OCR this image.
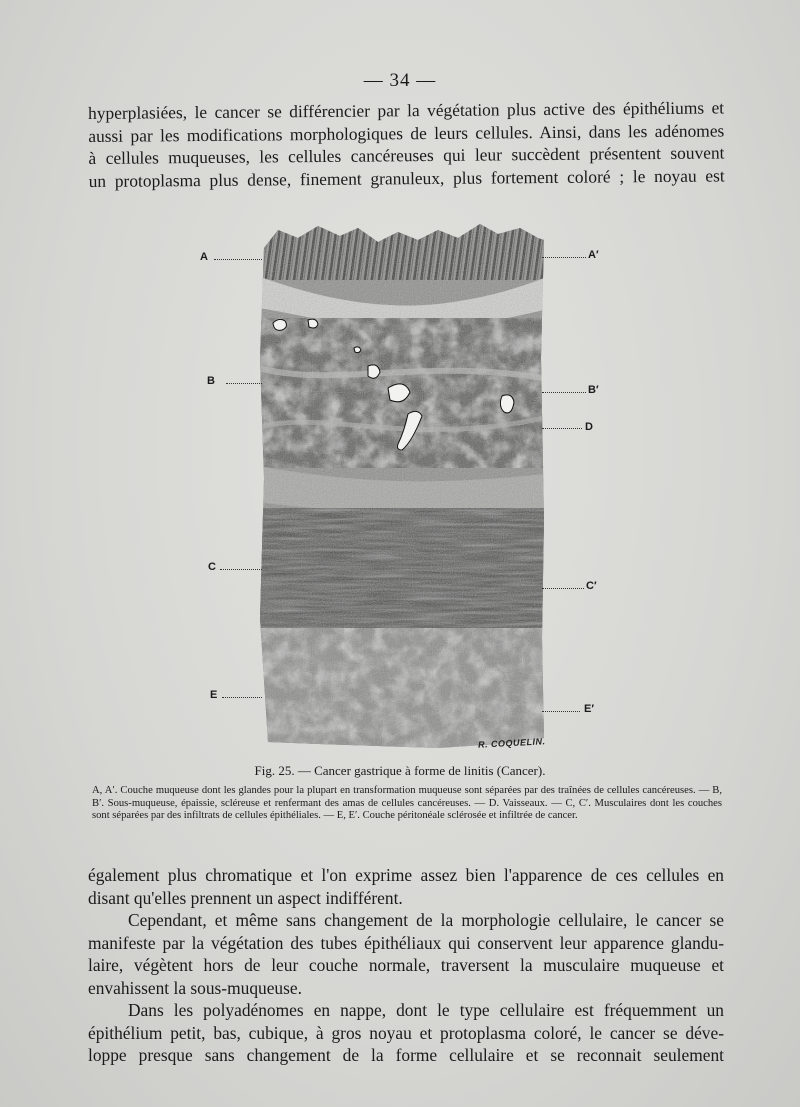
— 34 —
hyperplasiées, le cancer se différencier par la végétation plus active des épithéliums et
aussi par les modifications morphologiques de leurs cellules. Ainsi, dans les adénomes
à cellules muqueuses, les cellules cancéreuses qui leur succèdent présentent souvent
un protoplasma plus dense, finement granuleux, plus fortement coloré ; le noyau est
A	A′
B
B′
D
C
C′
E
E′
R. COQUELIN.
Fig. 25. — Cancer gastrique à forme de linitis (Cancer).
A, A′. Couche muqueuse dont les glandes pour la plupart en transformation muqueuse sont séparées par des traînées de cellules cancéreuses. — B, B′. Sous-muqueuse, épaissie, scléreuse et renfermant des amas de cellules cancéreuses. — D. Vaisseaux. — C, C′. Musculaires dont les couches sont séparées par des infiltrats de cellules épithéliales. — E, E′. Couche péritonéale sclérosée et infiltrée de cancer.
également plus chromatique et l'on exprime assez bien l'apparence de ces cellules en
disant qu'elles prennent un aspect indifférent.
Cependant, et même sans changement de la morphologie cellulaire, le cancer se
manifeste par la végétation des tubes épithéliaux qui conservent leur apparence glandu-
laire, végètent hors de leur couche normale, traversent la musculaire muqueuse et
envahissent la sous-muqueuse.
Dans les polyadénomes en nappe, dont le type cellulaire est fréquemment un
épithélium petit, bas, cubique, à gros noyau et protoplasma coloré, le cancer se déve-
loppe presque sans changement de la forme cellulaire et se reconnait seulement
